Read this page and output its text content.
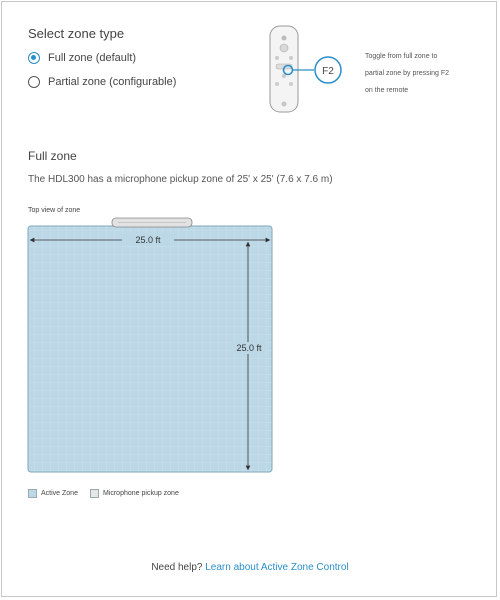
Select zone type
Full zone (default)
Partial zone (configurable)
F2
Toggle from full zone to
partial zone by pressing F2
on the remote
Full zone
The HDL300 has a microphone pickup zone of 25' x 25' (7.6 x 7.6 m)
Top view of zone
25.0 ft
25.0 ft
Active Zone	Microphone pickup zone
Need help? Learn about Active Zone Control
